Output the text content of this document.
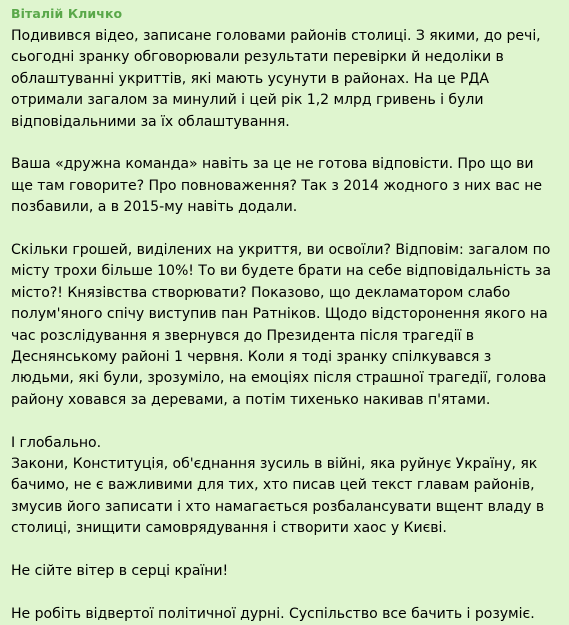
Віталій Кличко

Подивився відео, записане головами районів столиці. З якими, до речі, сьогодні зранку обговорювали результати перевірки й недоліки в облаштуванні укриттів, які мають усунути в районах. На це РДА отримали загалом за минулий і цей рік 1,2 млрд гривень і були відповідальними за їх облаштування.

Ваша «дружна команда» навіть за це не готова відповісти. Про що ви ще там говорите? Про повноваження? Так з 2014 жодного з них вас не позбавили, а в 2015-му навіть додали.

Скільки грошей, виділених на укриття, ви освоїли? Відповім: загалом по місту трохи більше 10%! То ви будете брати на себе відповідальність за місто?! Князівства створювати? Показово, що декламатором слабо полум'яного спічу виступив пан Ратніков. Щодо відсторонення якого на час розслідування я звернувся до Президента після трагедії в Деснянському районі 1 червня. Коли я тоді зранку спілкувався з людьми, які були, зрозуміло, на емоціях після страшної трагедії, голова району ховався за деревами, а потім тихенько накивав п'ятами.

І глобально.
Закони, Конституція, об'єднання зусиль в війні, яка руйнує Україну, як бачимо, не є важливими для тих, хто писав цей текст главам районів, змусив його записати і хто намагається розбалансувати вщент владу в столиці, знищити самоврядування і створити хаос у Києві.

Не сійте вітер в серці країни!

Не робіть відвертої політичної дурні. Суспільство все бачить і розуміє.
